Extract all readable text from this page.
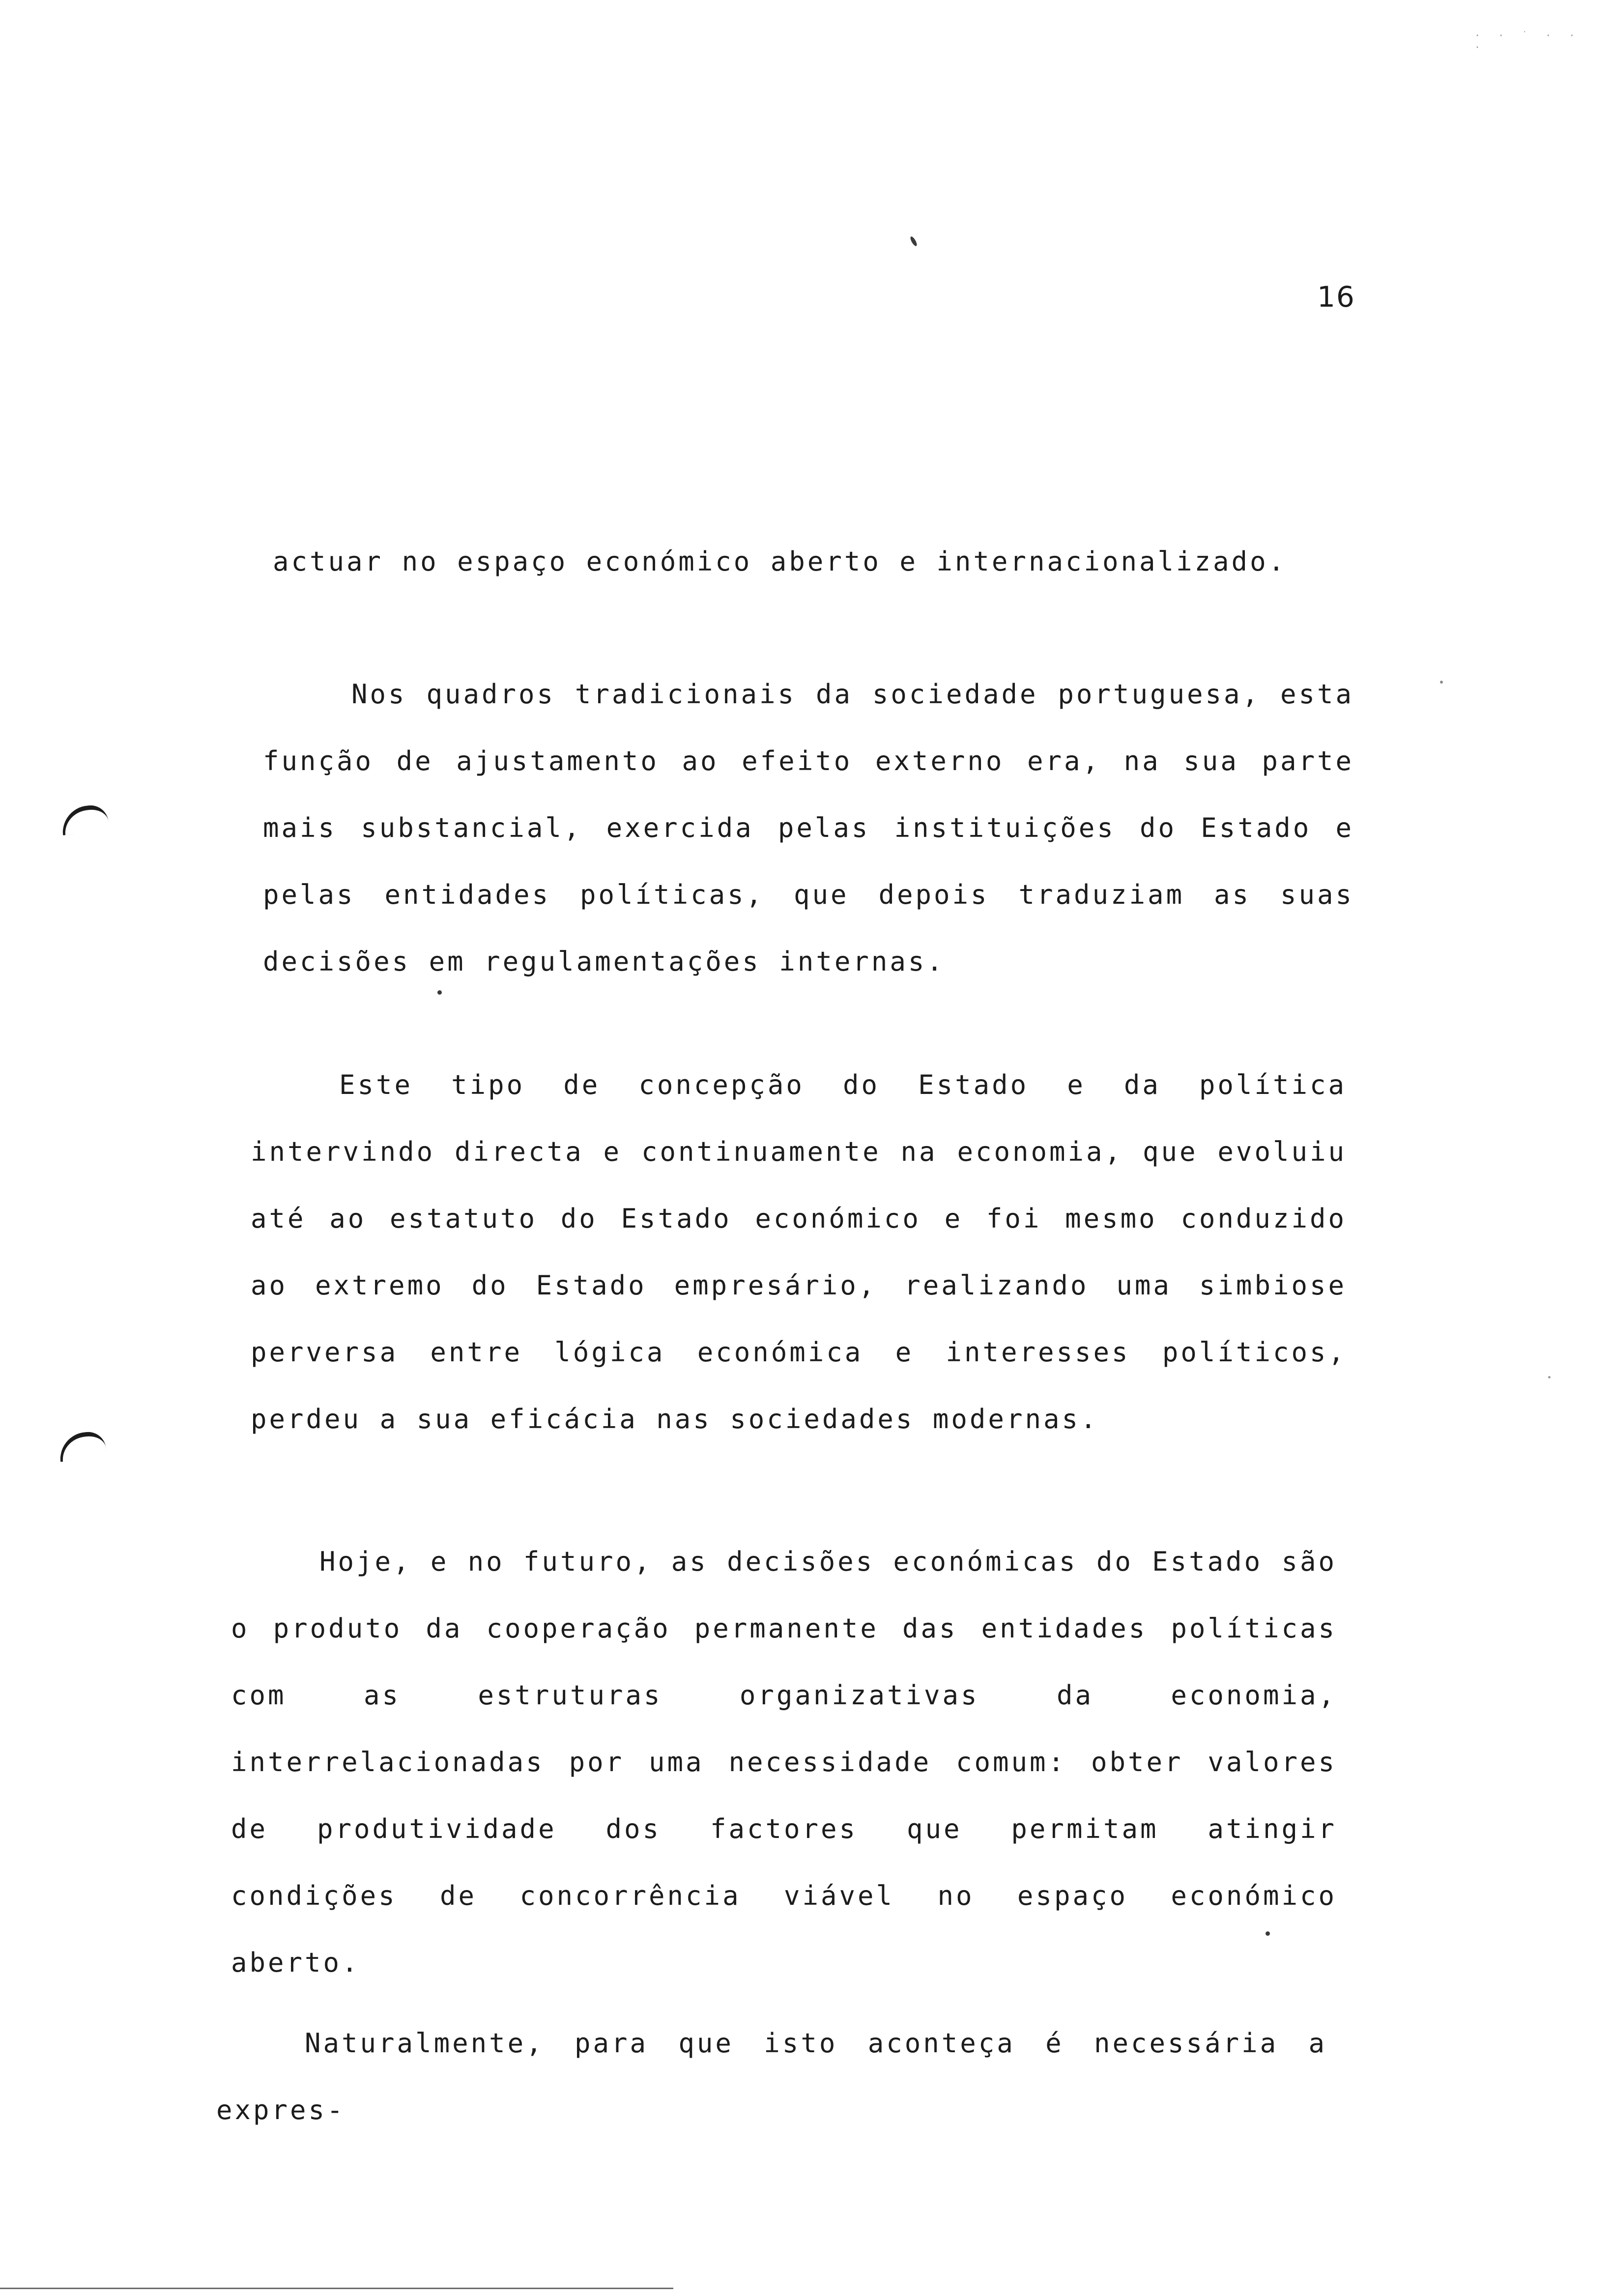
· · ˙ · · ·
16

actuar no espaço económico aberto e internacionalizado.

Nos quadros tradicionais da sociedade portuguesa, esta função de ajustamento ao efeito externo era, na sua parte mais substancial, exercida pelas instituições do Estado e pelas entidades políticas, que depois traduziam as suas decisões em regulamentações internas.

Este tipo de concepção do Estado e da política intervindo directa e continuamente na economia, que evoluiu até ao estatuto do Estado económico e foi mesmo conduzido ao extremo do Estado empresário, realizando uma simbiose perversa entre lógica económica e interesses políticos, perdeu a sua eficácia nas sociedades modernas.

Hoje, e no futuro, as decisões económicas do Estado são o produto da cooperação permanente das entidades políticas com as estruturas organizativas da economia, interrelacionadas por uma necessidade comum: obter valores de produtividade dos factores que permitam atingir condições de concorrência viável no espaço económico aberto.

Naturalmente, para que isto aconteça é necessária a expres-
